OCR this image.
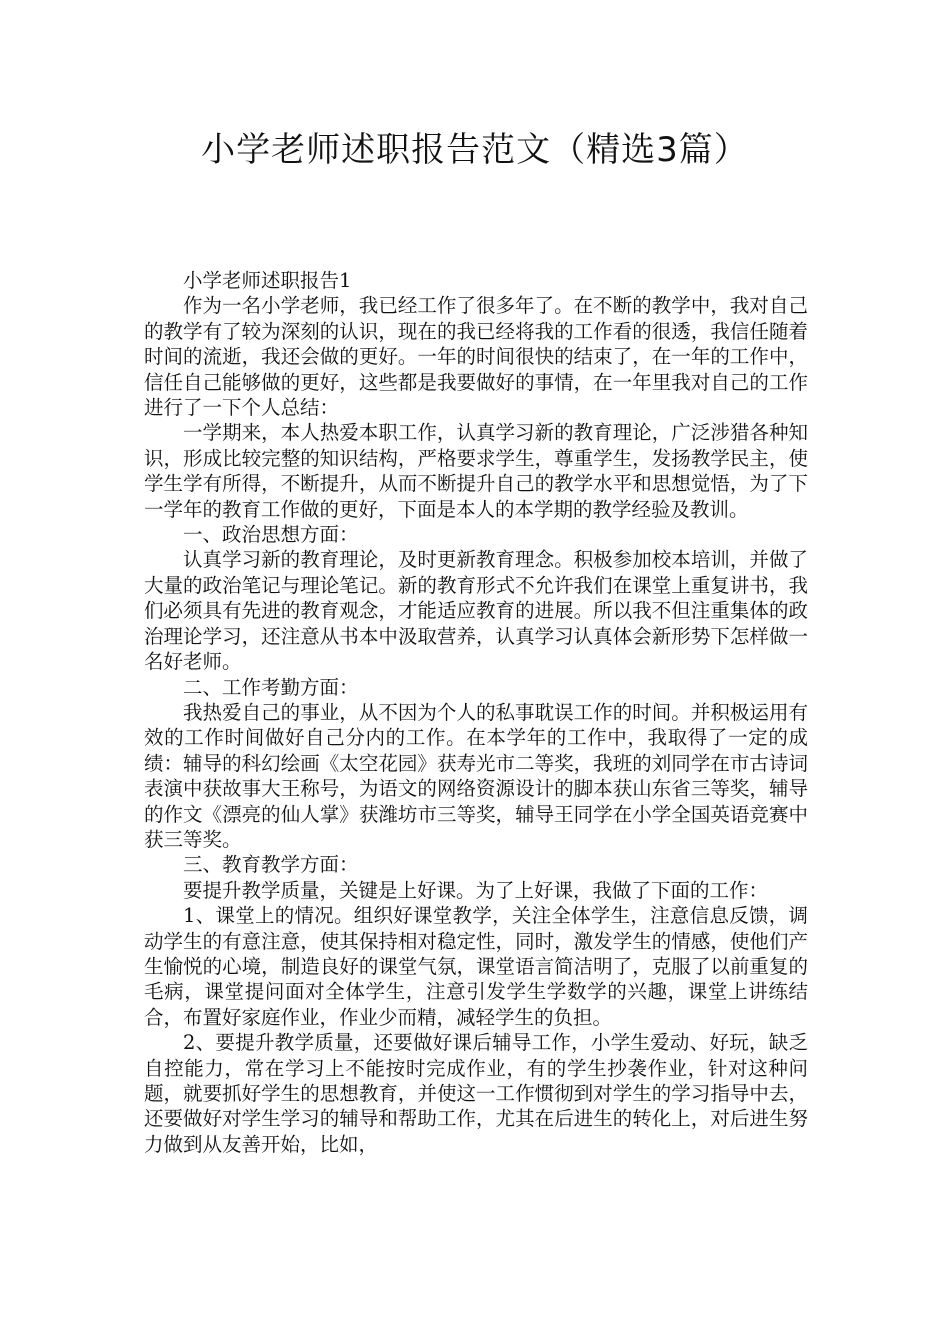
小学老师述职报告范文（精选3篇）

小学老师述职报告1

作为一名小学老师，我已经工作了很多年了。在不断的教学中，我对自己的教学有了较为深刻的认识，现在的我已经将我的工作看的很透，我信任随着时间的流逝，我还会做的更好。一年的时间很快的结束了，在一年的工作中，信任自己能够做的更好，这些都是我要做好的事情，在一年里我对自己的工作进行了一下个人总结：

一学期来，本人热爱本职工作，认真学习新的教育理论，广泛涉猎各种知识，形成比较完整的知识结构，严格要求学生，尊重学生，发扬教学民主，使学生学有所得，不断提升，从而不断提升自己的教学水平和思想觉悟，为了下一学年的教育工作做的更好，下面是本人的本学期的教学经验及教训。

一、政治思想方面：

认真学习新的教育理论，及时更新教育理念。积极参加校本培训，并做了大量的政治笔记与理论笔记。新的教育形式不允许我们在课堂上重复讲书，我们必须具有先进的教育观念，才能适应教育的进展。所以我不但注重集体的政治理论学习，还注意从书本中汲取营养，认真学习认真体会新形势下怎样做一名好老师。

二、工作考勤方面：

我热爱自己的事业，从不因为个人的私事耽误工作的时间。并积极运用有效的工作时间做好自己分内的工作。在本学年的工作中，我取得了一定的成绩：辅导的科幻绘画《太空花园》获寿光市二等奖，我班的刘同学在市古诗词表演中获故事大王称号，为语文的网络资源设计的脚本获山东省三等奖，辅导的作文《漂亮的仙人掌》获潍坊市三等奖，辅导王同学在小学全国英语竞赛中获三等奖。

三、教育教学方面：

要提升教学质量，关键是上好课。为了上好课，我做了下面的工作：

1、课堂上的情况。组织好课堂教学，关注全体学生，注意信息反馈，调动学生的有意注意，使其保持相对稳定性，同时，激发学生的情感，使他们产生愉悦的心境，制造良好的课堂气氛，课堂语言简洁明了，克服了以前重复的毛病，课堂提问面对全体学生，注意引发学生学数学的兴趣，课堂上讲练结合，布置好家庭作业，作业少而精，减轻学生的负担。

2、要提升教学质量，还要做好课后辅导工作，小学生爱动、好玩，缺乏自控能力，常在学习上不能按时完成作业，有的学生抄袭作业，针对这种问题，就要抓好学生的思想教育，并使这一工作惯彻到对学生的学习指导中去，还要做好对学生学习的辅导和帮助工作，尤其在后进生的转化上，对后进生努力做到从友善开始，比如，
